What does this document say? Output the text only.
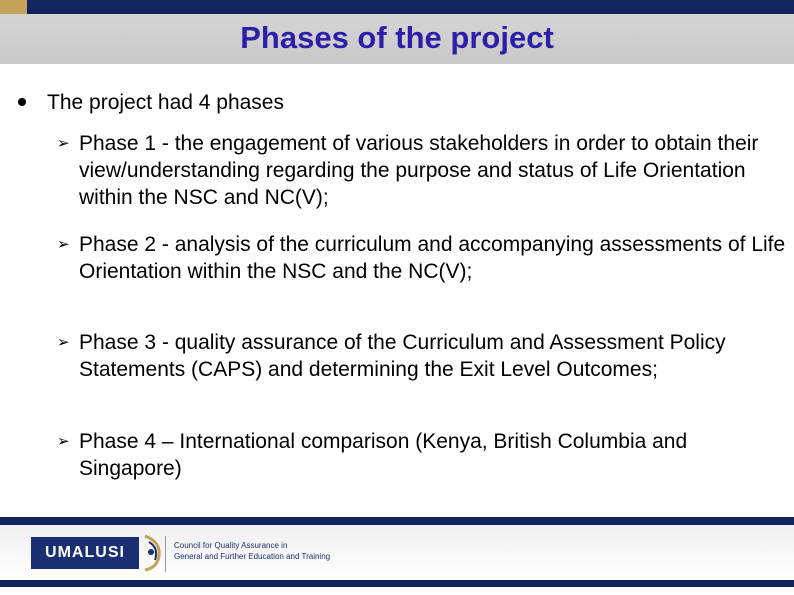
Phases of the project
The project had 4 phases
➢ Phase 1 - the engagement of various stakeholders in order to obtain their view/understanding regarding the purpose and status of Life Orientation within the NSC and NC(V);
➢ Phase 2 - analysis of the curriculum and accompanying assessments of Life Orientation within the NSC and the NC(V);
➢ Phase 3 - quality assurance of the Curriculum and Assessment Policy Statements (CAPS) and determining the Exit Level Outcomes;
➢ Phase 4 – International comparison (Kenya, British Columbia and Singapore)
UMALUSI	Council for Quality Assurance in
General and Further Education and Training
